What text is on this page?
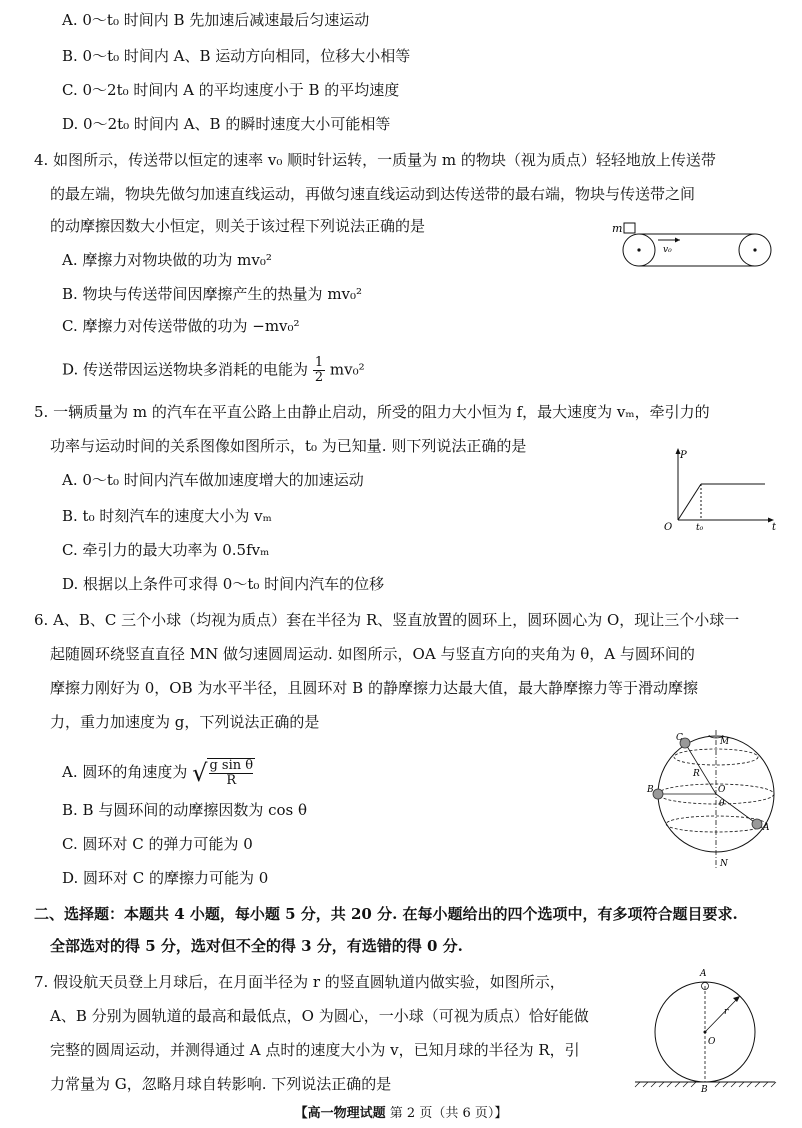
A. 0～t₀ 时间内 B 先加速后减速最后匀速运动
B. 0～t₀ 时间内 A、B 运动方向相同，位移大小相等
C. 0～2t₀ 时间内 A 的平均速度小于 B 的平均速度
D. 0～2t₀ 时间内 A、B 的瞬时速度大小可能相等
4. 如图所示，传送带以恒定的速率 v₀ 顺时针运转，一质量为 m 的物块（视为质点）轻轻地放上传送带
的最左端，物块先做匀加速直线运动，再做匀速直线运动到达传送带的最右端，物块与传送带之间
的动摩擦因数大小恒定，则关于该过程下列说法正确的是
A. 摩擦力对物块做的功为 mv₀²
B. 物块与传送带间因摩擦产生的热量为 mv₀²
C. 摩擦力对传送带做的功为 −mv₀²
D. 传送带因运送物块多消耗的电能为 $\frac{1}{2} mv_0^2$
m
v₀
5. 一辆质量为 m 的汽车在平直公路上由静止启动，所受的阻力大小恒为 f，最大速度为 vₘ，牵引力的
功率与运动时间的关系图像如图所示，t₀ 为已知量. 则下列说法正确的是
A. 0～t₀ 时间内汽车做加速度增大的加速运动
B. t₀ 时刻汽车的速度大小为 vₘ
C. 牵引力的最大功率为 0.5fvₘ
D. 根据以上条件可求得 0～t₀ 时间内汽车的位移
P
O	t₀	t
6. A、B、C 三个小球（均视为质点）套在半径为 R、竖直放置的圆环上，圆环圆心为 O，现让三个小球一
起随圆环绕竖直直径 MN 做匀速圆周运动. 如图所示，OA 与竖直方向的夹角为 θ，A 与圆环间的
摩擦力刚好为 0，OB 为水平半径，且圆环对 B 的静摩擦力达最大值，最大静摩擦力等于滑动摩擦
力，重力加速度为 g，下列说法正确的是
A. 圆环的角速度为 √ $\frac{\text{g sin θ}}{R}$
B. B 与圆环间的动摩擦因数为 cos θ
C. 圆环对 C 的弹力可能为 0
D. 圆环对 C 的摩擦力可能为 0
M
N
C
B
A
O
R
θ
二、选择题：本题共 4 小题，每小题 5 分，共 20 分. 在每小题给出的四个选项中，有多项符合题目要求.
全部选对的得 5 分，选对但不全的得 3 分，有选错的得 0 分.
7. 假设航天员登上月球后，在月面半径为 r 的竖直圆轨道内做实验，如图所示，
A、B 分别为圆轨道的最高和最低点，O 为圆心，一小球（可视为质点）恰好能做
完整的圆周运动，并测得通过 A 点时的速度大小为 v，已知月球的半径为 R，引
力常量为 G，忽略月球自转影响. 下列说法正确的是
A
O
r
B
【高一物理试题 第 2 页（共 6 页）】
